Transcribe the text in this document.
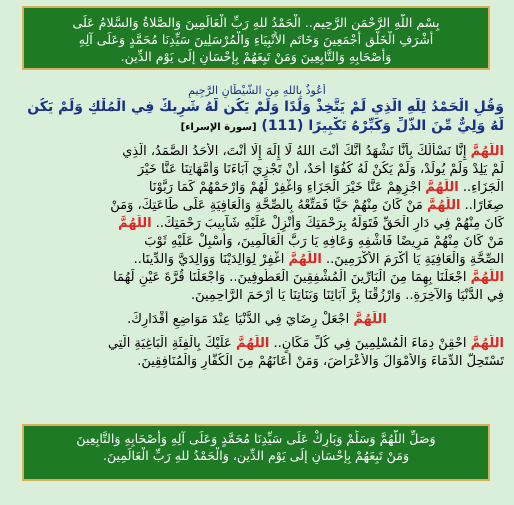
بِسْمِ اللَّهِ الرَّحْمَنِ الرَّحِيمِ.. الْحَمْدُ للهِ رَبِّ الْعَالَمِينَ وَالصَّلاةُ وَالسَّلامُ عَلَى
أَشْرَفِ الْخَلْقِ أَجْمَعِينَ وَخَاتَمِ الأَنْبِيَاءِ وَالْمُرْسَلِينَ سَيِّدِنَا مُحَمَّدٍ وَعَلَى آلِهِ
وَأَصْحَابِهِ وَالتَّابِعِينَ وَمَنْ تَبِعَهُمْ بِإِحْسَانٍ إِلَى يَوْمِ الدِّينِ.
أَعُوذُ بِاللهِ مِنَ الشَّيْطَانِ الرَّجِيمِ
وَقُلِ الْحَمْدُ لِلَّهِ الَّذِي لَمْ يَتَّخِذْ وَلَدًا وَلَمْ يَكُن لَّهُ شَرِيكٌ فِي الْمُلْكِ وَلَمْ يَكُن
لَّهُ وَلِيٌّ مِّنَ الذُّلِّ وَكَبِّرْهُ تَكْبِيرًا (111) [سورة الإسراء]
اللَّهُمَّ إِنَّا نَسْأَلُكَ بِأَنَّا نَشْهَدُ أَنَّكَ أَنْتَ اللهُ لَا إِلَهَ إِلَّا أَنْتَ، الأَحَدُ الصَّمَدُ، الَّذِي
لَمْ يَلِدْ وَلَمْ يُولَدْ، وَلَمْ يَكُنْ لَهُ كُفُوًا أَحَدٌ، أَنْ تَجْزِيَ آبَاءَنَا وَأُمَّهَاتِنَا عَنَّا خَيْرَ
الْجَزَاءِ.. اللَّهُمَّ اجْزِهِمْ عَنَّا خَيْرَ الْجَزَاءِ وَاغْفِرْ لَهُمْ وَارْحَمْهُمْ كَمَا رَبَّوْنَا
صِغَارًا.. اللَّهُمَّ مَنْ كَانَ مِنْهُمْ حَيًّا فَمَتِّعْهُ بِالصِّحَّةِ وَالْعَافِيَةِ عَلَى طَاعَتِكَ، وَمَنْ
كَانَ مِنْهُمْ فِي دَارِ الْحَقِّ فَتَوَلَّهُ بِرَحْمَتِكَ وَأَنْزِلْ عَلَيْهِ شَآبِيبَ رَحْمَتِكَ.. اللَّهُمَّ
مَنْ كَانَ مِنْهُمْ مَرِيضًا فَاشْفِهِ وَعَافِهِ يَا رَبَّ الْعَالَمِينَ، وَأَسْبِلْ عَلَيْهِ ثَوْبَ
الصِّحَّةِ وَالْعَافِيَةِ يَا أَكْرَمَ الأَكْرَمِينَ.. اللَّهُمَّ اغْفِرْ لِوَالِدَيْنَا وَوَالِدَيَّ وَالدِّينَا..
اللَّهُمَّ اجْعَلْنَا بِهِمَا مِنَ الْبَارِّينَ الْمُشْفِقِينَ الْعَطُوفِينَ.. وَاجْعَلْنَا قُرَّةَ عَيْنٍ لَهُمَا
فِي الدُّنْيَا وَالآخِرَةِ.. وَارْزُقْنَا بِرَّ آبَائِنَا وَبَنَاتِنَا يَا أَرْحَمَ الرَّاحِمِينَ.
اللَّهُمَّ اجْعَلْ رِضَايَ فِي الدُّنْيَا عِنْدَ مَوَاضِعِ أَقْدَارِكَ.
اللَّهُمَّ احْقِنْ دِمَاءَ الْمُسْلِمِينَ فِي كُلِّ مَكَانٍ.. اللَّهُمَّ عَلَيْكَ بِالْفِئَةِ الْبَاغِيَةِ الَّتِي
تَسْتَحِلُّ الدِّمَاءَ وَالأَمْوَالَ وَالأَعْرَاضَ، وَمَنْ أَعَانَهُمْ مِنَ الْكُفَّارِ وَالْمُنَافِقِينَ.
وَصَلِّ اللَّهُمَّ وَسَلِّمْ وَبَارِكْ عَلَى سَيِّدِنَا مُحَمَّدٍ وَعَلَى آلِهِ وَأَصْحَابِهِ وَالتَّابِعِينَ
وَمَنْ تَبِعَهُمْ بِإِحْسَانٍ إِلَى يَوْمِ الدِّينِ، وَالْحَمْدُ للهِ رَبِّ الْعَالَمِينَ.
